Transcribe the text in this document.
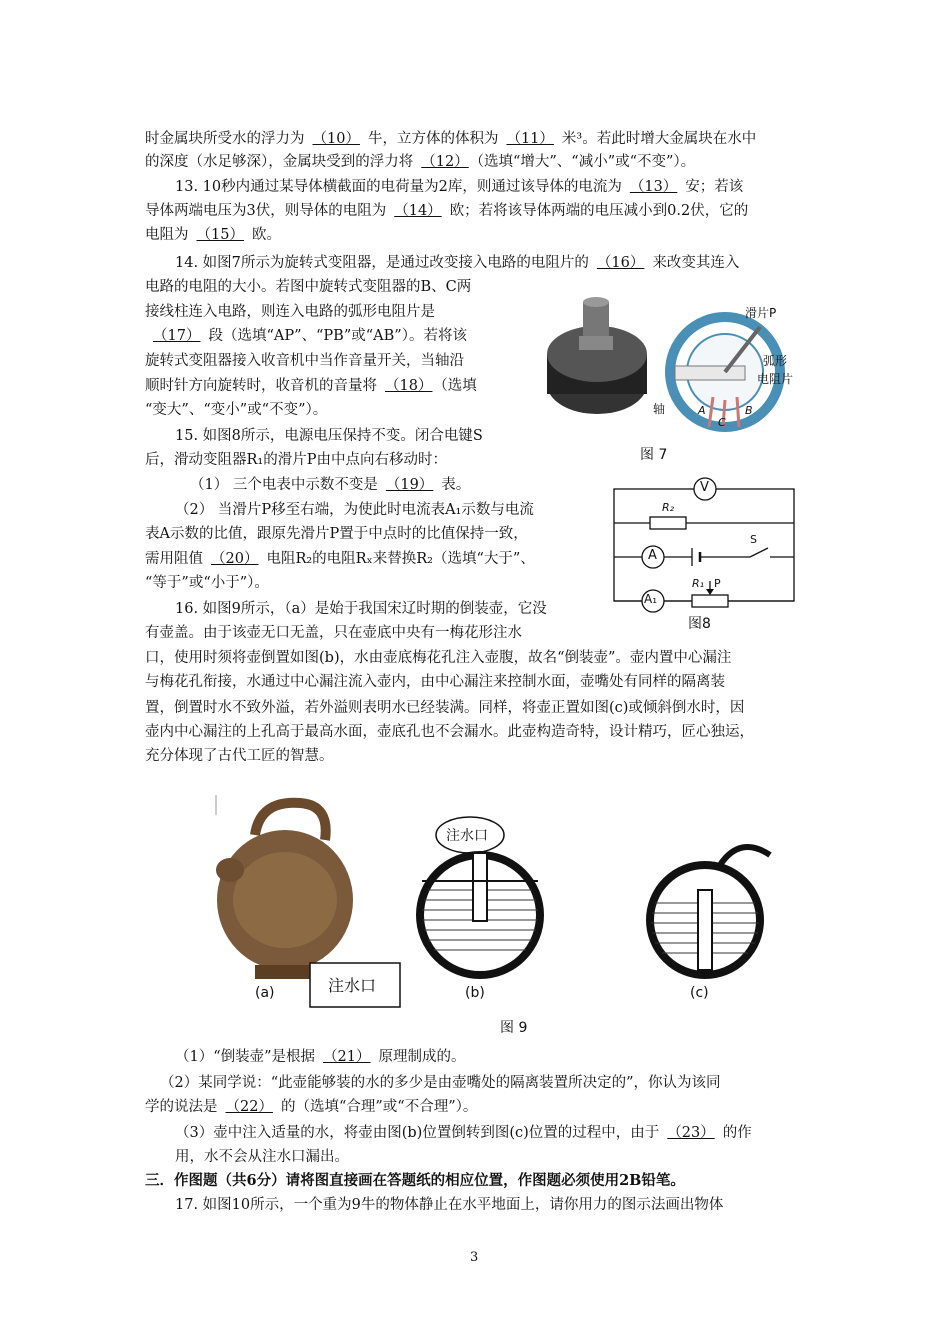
时金属块所受水的浮力为 （10） 牛，立方体的体积为 （11） 米³。若此时增大金属块在水中
的深度（水足够深），金属块受到的浮力将 （12） （选填“增大”、“减小”或“不变”）。
13. 10秒内通过某导体横截面的电荷量为2库，则通过该导体的电流为 （13） 安；若该
导体两端电压为3伏，则导体的电阻为 （14） 欧；若将该导体两端的电压减小到0.2伏，它的
电阻为 （15） 欧。
14. 如图7所示为旋转式变阻器，是通过改变接入电路的电阻片的 （16） 来改变其连入
电路的电阻的大小。若图中旋转式变阻器的B、C两
接线柱连入电路，则连入电路的弧形电阻片是
（17） 段（选填“AP”、“PB”或“AB”）。若将该
旋转式变阻器接入收音机中当作音量开关，当轴沿
顺时针方向旋转时，收音机的音量将 （18） （选填
“变大”、“变小”或“不变”）。
15. 如图8所示，电源电压保持不变。闭合电键S
后，滑动变阻器R₁的滑片P由中点向右移动时：
（1） 三个电表中示数不变是 （19） 表。
（2） 当滑片P移至右端，为使此时电流表A₁示数与电流
表A示数的比值，跟原先滑片P置于中点时的比值保持一致，
需用阻值 （20） 电阻R₂的电阻Rₓ来替换R₂（选填“大于”、
“等于”或“小于”）。
16. 如图9所示，（a）是始于我国宋辽时期的倒装壶，它没
有壶盖。由于该壶无口无盖，只在壶底中央有一梅花形注水
口，使用时须将壶倒置如图(b)，水由壶底梅花孔注入壶腹，故名“倒装壶”。壶内置中心漏注
与梅花孔衔接，水通过中心漏注流入壶内，由中心漏注来控制水面，壶嘴处有同样的隔离装
置，倒置时水不致外溢，若外溢则表明水已经装满。同样，将壶正置如图(c)或倾斜倒水时，因
壶内中心漏注的上孔高于最高水面，壶底孔也不会漏水。此壶构造奇特，设计精巧，匠心独运，
充分体现了古代工匠的智慧。
（1）“倒装壶”是根据 （21） 原理制成的。
（2）某同学说：“此壶能够装的水的多少是由壶嘴处的隔离装置所决定的”，你认为该同
学的说法是 （22） 的（选填“合理”或“不合理”）。
（3）壶中注入适量的水，将壶由图(b)位置倒转到图(c)位置的过程中，由于 （23） 的作
用，水不会从注水口漏出。
三．作图题（共6分）请将图直接画在答题纸的相应位置，作图题必须使用2B铅笔。
17. 如图10所示，一个重为9牛的物体静止在水平地面上，请你用力的图示法画出物体
滑片P
弧形
电阻片
轴	A	B
C
图 7
V
R₂
A
S
A₁
R₁ P
图8
注水口
注水口
(a)	(b)	(c)
图 9
3
